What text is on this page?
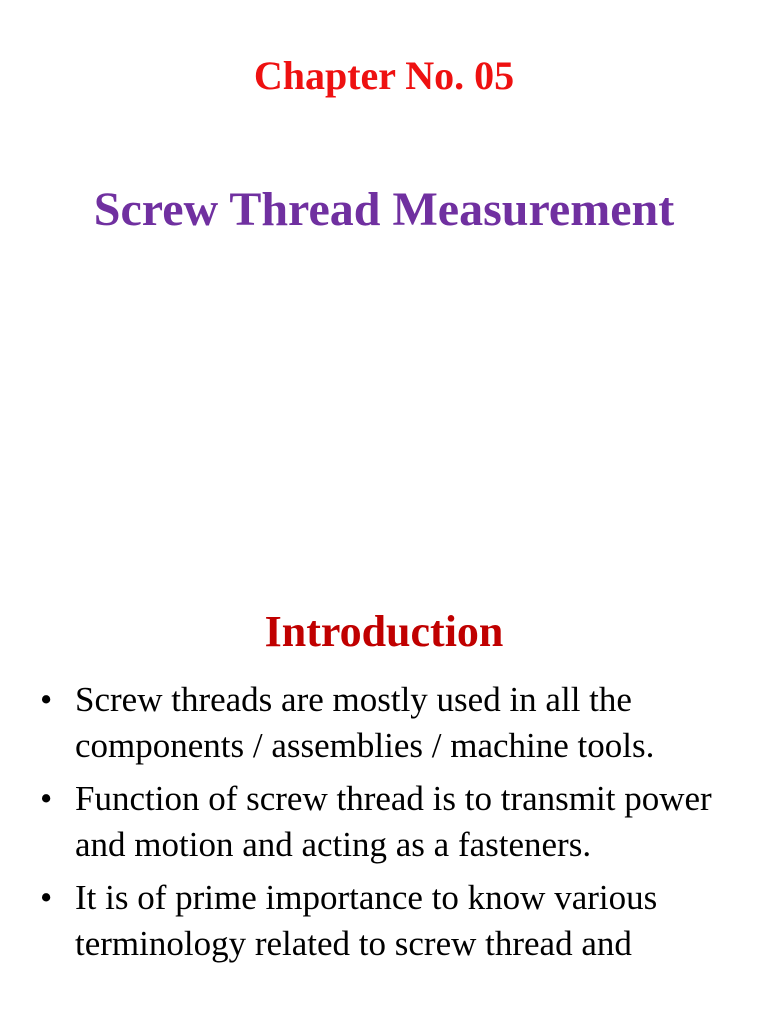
Chapter No. 05
Screw Thread Measurement
Introduction
• Screw threads are mostly used in all the components / assemblies / machine tools.
• Function of screw thread is to transmit power and motion and acting as a fasteners.
• It is of prime importance to know various terminology related to screw thread and
